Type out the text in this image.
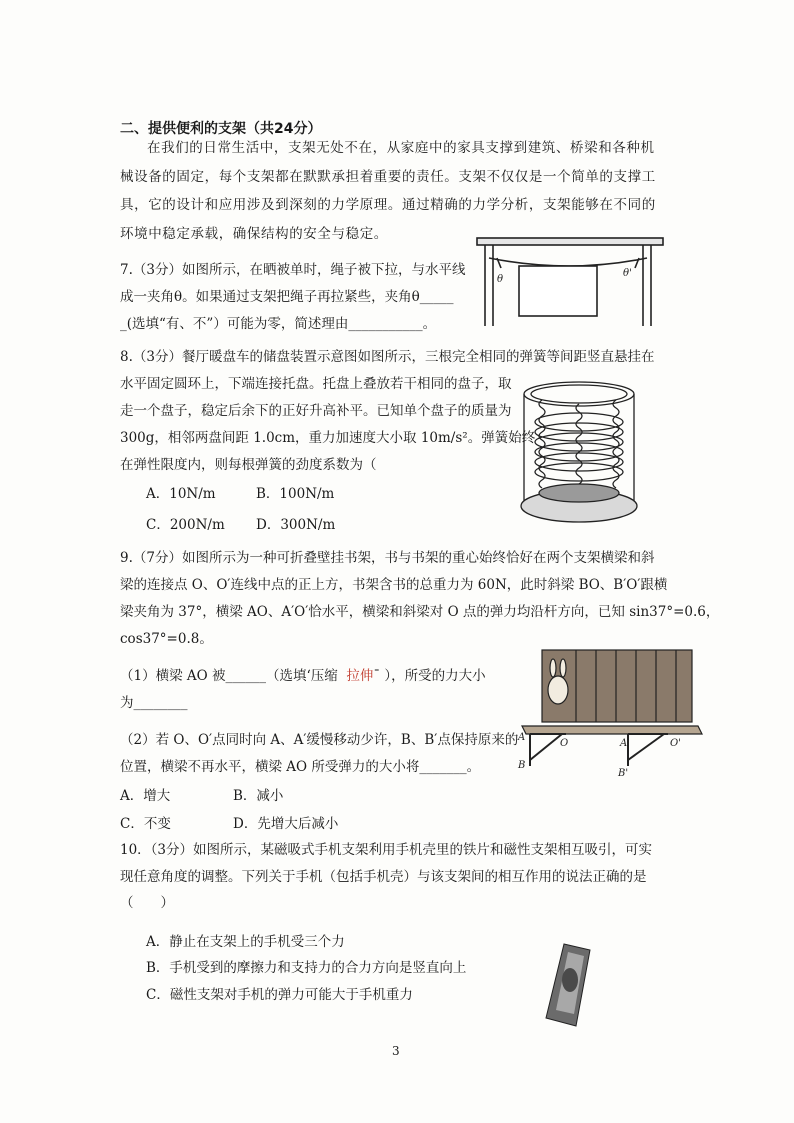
二、提供便利的支架（共24分）
在我们的日常生活中，支架无处不在，从家庭中的家具支撑到建筑、桥梁和各种机械设备的固定，每个支架都在默默承担着重要的责任。支架不仅仅是一个简单的支撑工具，它的设计和应用涉及到深刻的力学原理。通过精确的力学分析，支架能够在不同的环境中稳定承载，确保结构的安全与稳定。
7.（3分）如图所示，在晒被单时，绳子被下拉，与水平线
成一夹角θ。如果通过支架把绳子再拉紧些，夹角θ_____
_(选填“有、不”）可能为零，简述理由___________。
θ
θ'
8.（3分）餐厅暖盘车的储盘装置示意图如图所示，三根完全相同的弹簧等间距竖直悬挂在
水平固定圆环上，下端连接托盘。托盘上叠放若干相同的盘子，取
走一个盘子，稳定后余下的正好升高补平。已知单个盘子的质量为
300g，相邻两盘间距 1.0cm，重力加速度大小取 10m/s²。弹簧始终
在弹性限度内，则每根弹簧的劲度系数为（
A．10N/m	B．100N/m
C．200N/m D．300N/m
9.（7分）如图所示为一种可折叠壁挂书架，书与书架的重心始终恰好在两个支架横梁和斜
梁的连接点 O、O′连线中点的正上方，书架含书的总重力为 60N，此时斜梁 BO、B′O′跟横
梁夹角为 37°，横梁 AO、A′O′恰水平，横梁和斜梁对 O 点的弹力均沿杆方向，已知 sin37°=0.6，
cos37°=0.8。
（1）横梁 AO 被______（选填‘压缩 拉伸¯ ），所受的力大小
为________
（2）若 O、O′点同时向 A、A′缓慢移动少许，B、B′点保持原来的
位置，横梁不再水平，横梁 AO 所受弹力的大小将_______。
A．增大	B．减小
C．不变	D．先增大后减小
A
O	A'	O'
B
B'
10．（3分）如图所示，某磁吸式手机支架利用手机壳里的铁片和磁性支架相互吸引，可实
现任意角度的调整。下列关于手机（包括手机壳）与该支架间的相互作用的说法正确的是
（　　）
A．静止在支架上的手机受三个力
B．手机受到的摩擦力和支持力的合力方向是竖直向上
C．磁性支架对手机的弹力可能大于手机重力
3
